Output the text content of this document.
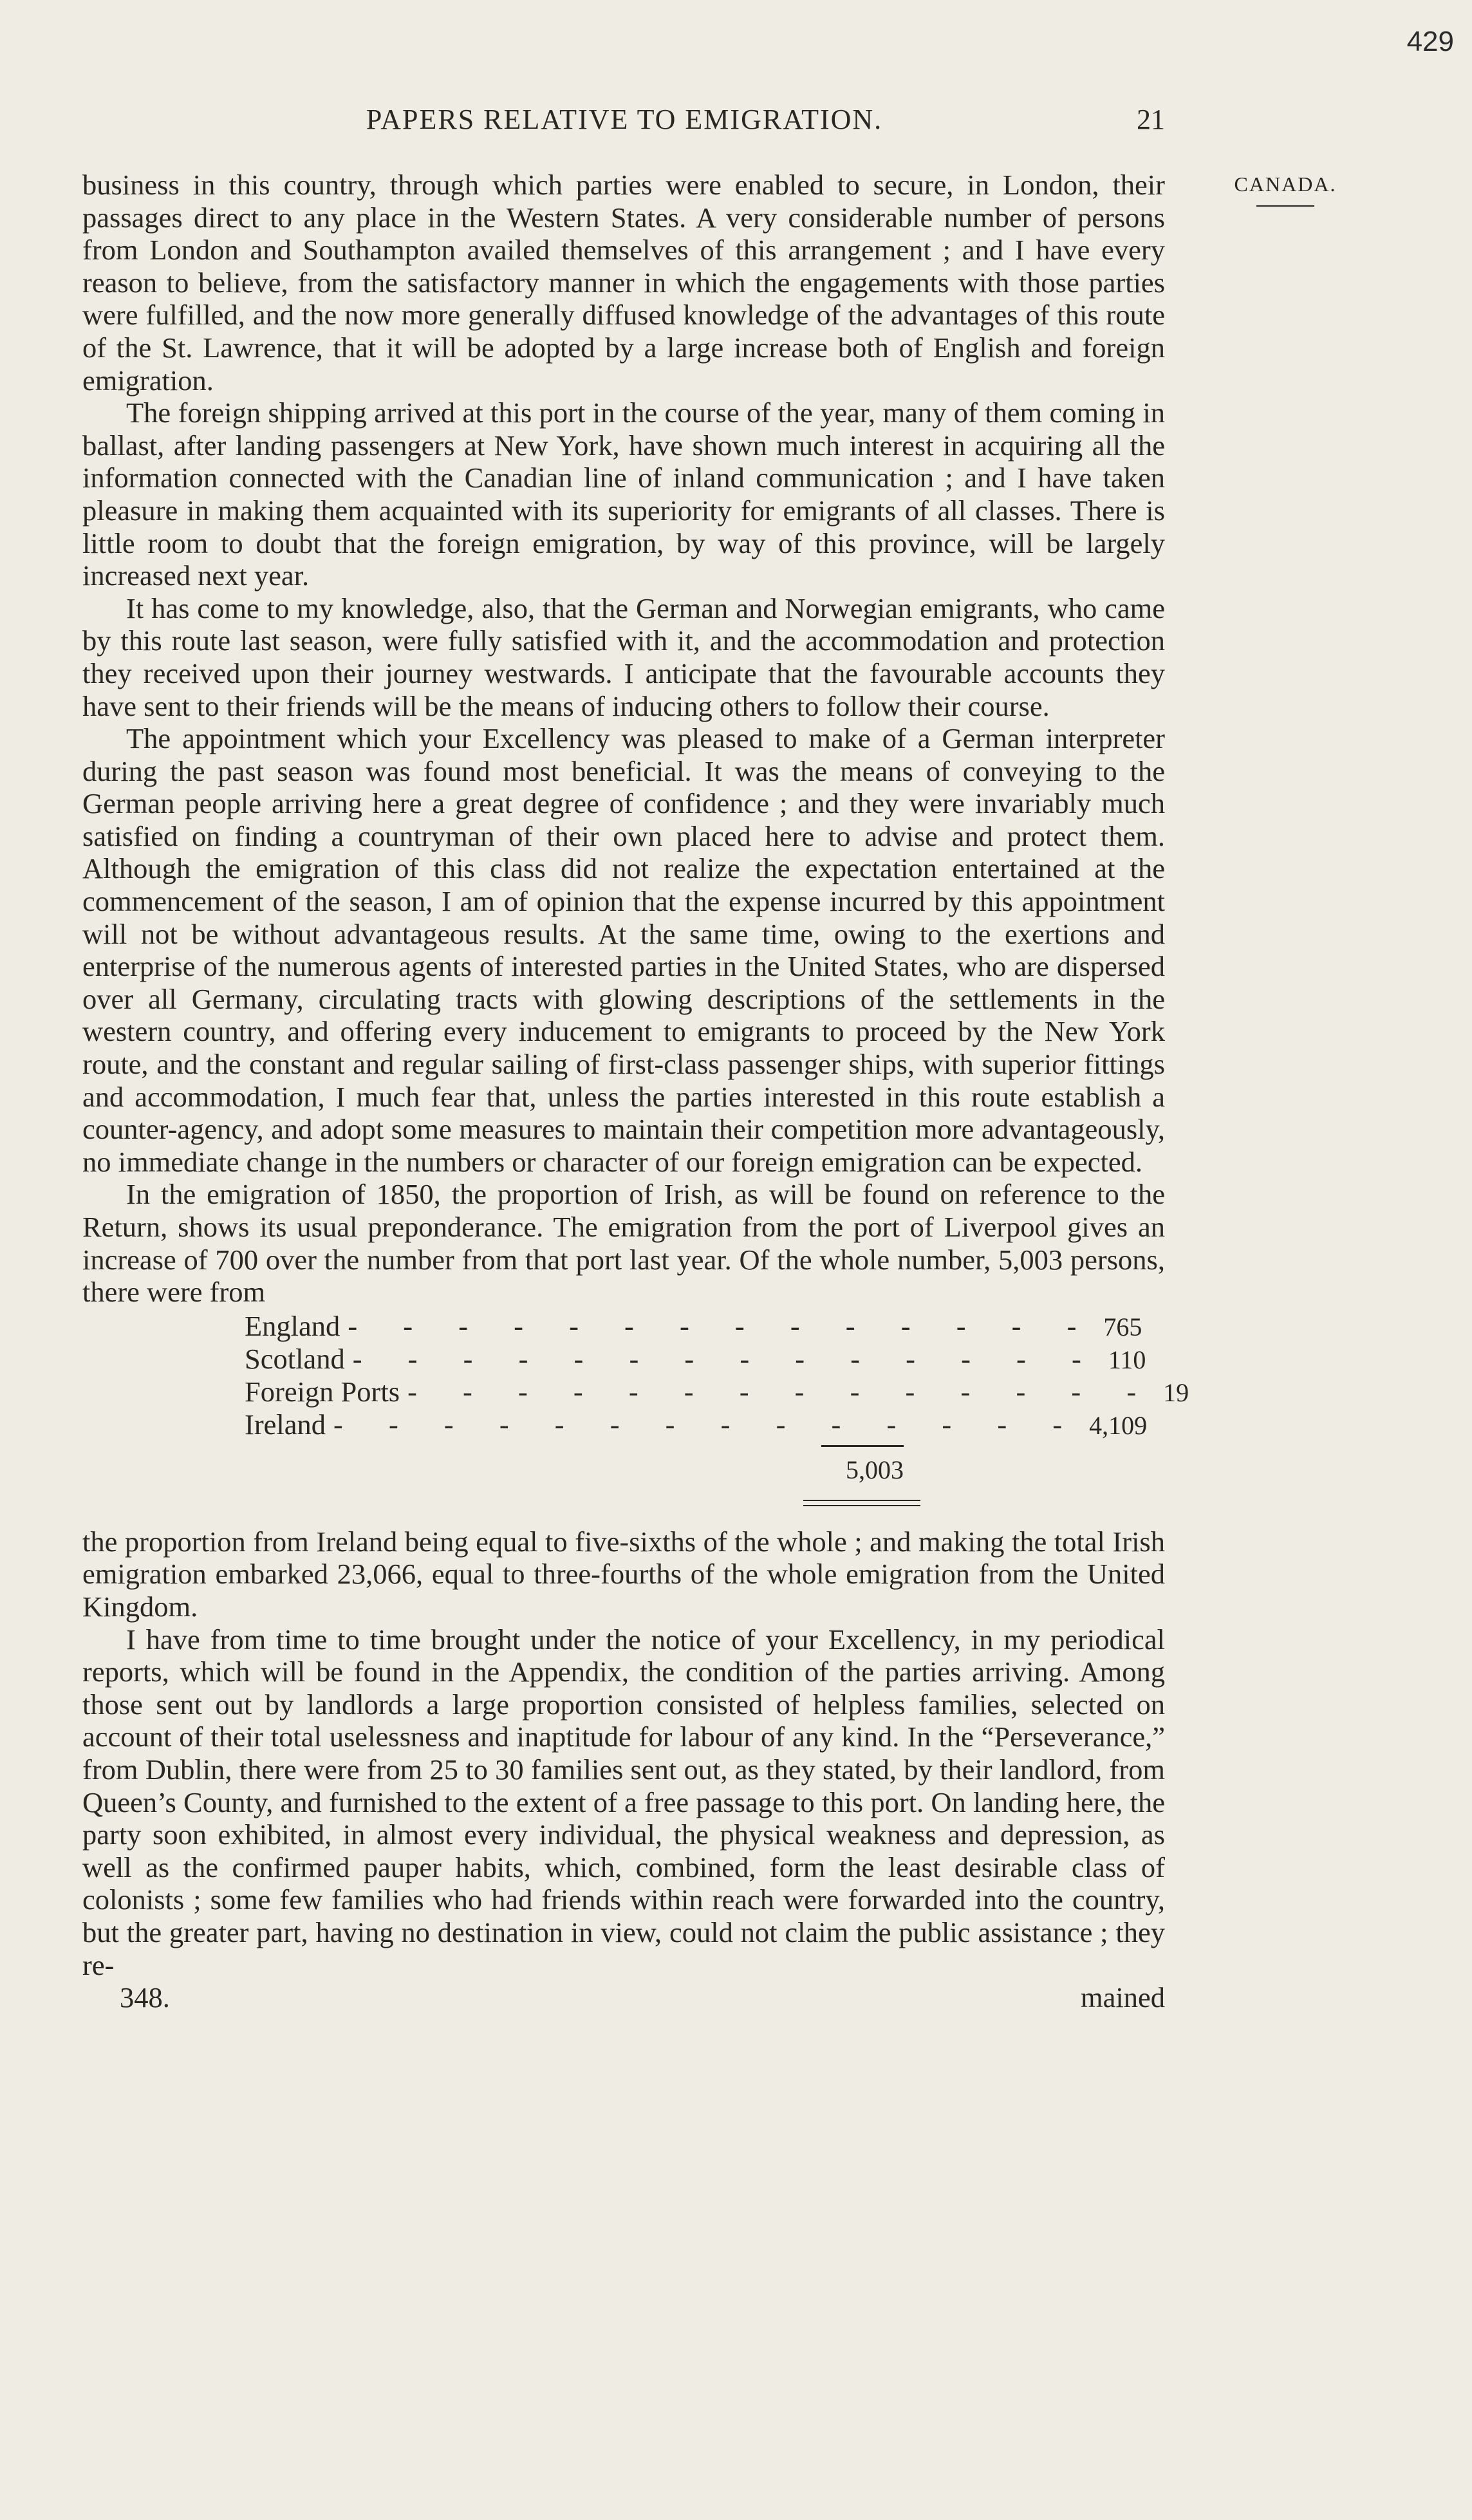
429
PAPERS RELATIVE TO EMIGRATION.	21
CANADA.

business in this country, through which parties were enabled to secure, in London, their passages direct to any place in the Western States. A very considerable number of persons from London and Southampton availed themselves of this arrangement ; and I have every reason to believe, from the satisfactory manner in which the engagements with those parties were fulfilled, and the now more generally diffused knowledge of the advantages of this route of the St. Lawrence, that it will be adopted by a large increase both of English and foreign emigration.

The foreign shipping arrived at this port in the course of the year, many of them coming in ballast, after landing passengers at New York, have shown much interest in acquiring all the information connected with the Canadian line of inland communication ; and I have taken pleasure in making them acquainted with its superiority for emigrants of all classes. There is little room to doubt that the foreign emigration, by way of this province, will be largely increased next year.

It has come to my knowledge, also, that the German and Norwegian emigrants, who came by this route last season, were fully satisfied with it, and the accommodation and protection they received upon their journey westwards. I anticipate that the favourable accounts they have sent to their friends will be the means of inducing others to follow their course.

The appointment which your Excellency was pleased to make of a German interpreter during the past season was found most beneficial. It was the means of conveying to the German people arriving here a great degree of confidence ; and they were invariably much satisfied on finding a countryman of their own placed here to advise and protect them. Although the emigration of this class did not realize the expectation entertained at the commencement of the season, I am of opinion that the expense incurred by this appointment will not be without advantageous results. At the same time, owing to the exertions and enterprise of the numerous agents of interested parties in the United States, who are dispersed over all Germany, circulating tracts with glowing descriptions of the settlements in the western country, and offering every inducement to emigrants to proceed by the New York route, and the constant and regular sailing of first-class passenger ships, with superior fittings and accommodation, I much fear that, unless the parties interested in this route establish a counter-agency, and adopt some measures to maintain their competition more advantageously, no immediate change in the numbers or character of our foreign emigration can be expected.

In the emigration of 1850, the proportion of Irish, as will be found on reference to the Return, shows its usual preponderance. The emigration from the port of Liverpool gives an increase of 700 over the number from that port last year. Of the whole number, 5,003 persons, there were from

England - - - - - - - - - - - - - - 765
Scotland - - - - - - - - - - - - - - 110
Foreign Ports - - - - - - - - - - - - - - 19
Ireland - - - - - - - - - - - - - - 4,109
5,003

the proportion from Ireland being equal to five-sixths of the whole ; and making the total Irish emigration embarked 23,066, equal to three-fourths of the whole emigration from the United Kingdom.

I have from time to time brought under the notice of your Excellency, in my periodical reports, which will be found in the Appendix, the condition of the parties arriving. Among those sent out by landlords a large proportion consisted of helpless families, selected on account of their total uselessness and inaptitude for labour of any kind. In the “Perseverance,” from Dublin, there were from 25 to 30 families sent out, as they stated, by their landlord, from Queen’s County, and furnished to the extent of a free passage to this port. On landing here, the party soon exhibited, in almost every individual, the physical weakness and depression, as well as the confirmed pauper habits, which, combined, form the least desirable class of colonists ; some few families who had friends within reach were forwarded into the country, but the greater part, having no destination in view, could not claim the public assistance ; they re-

348.	mained
